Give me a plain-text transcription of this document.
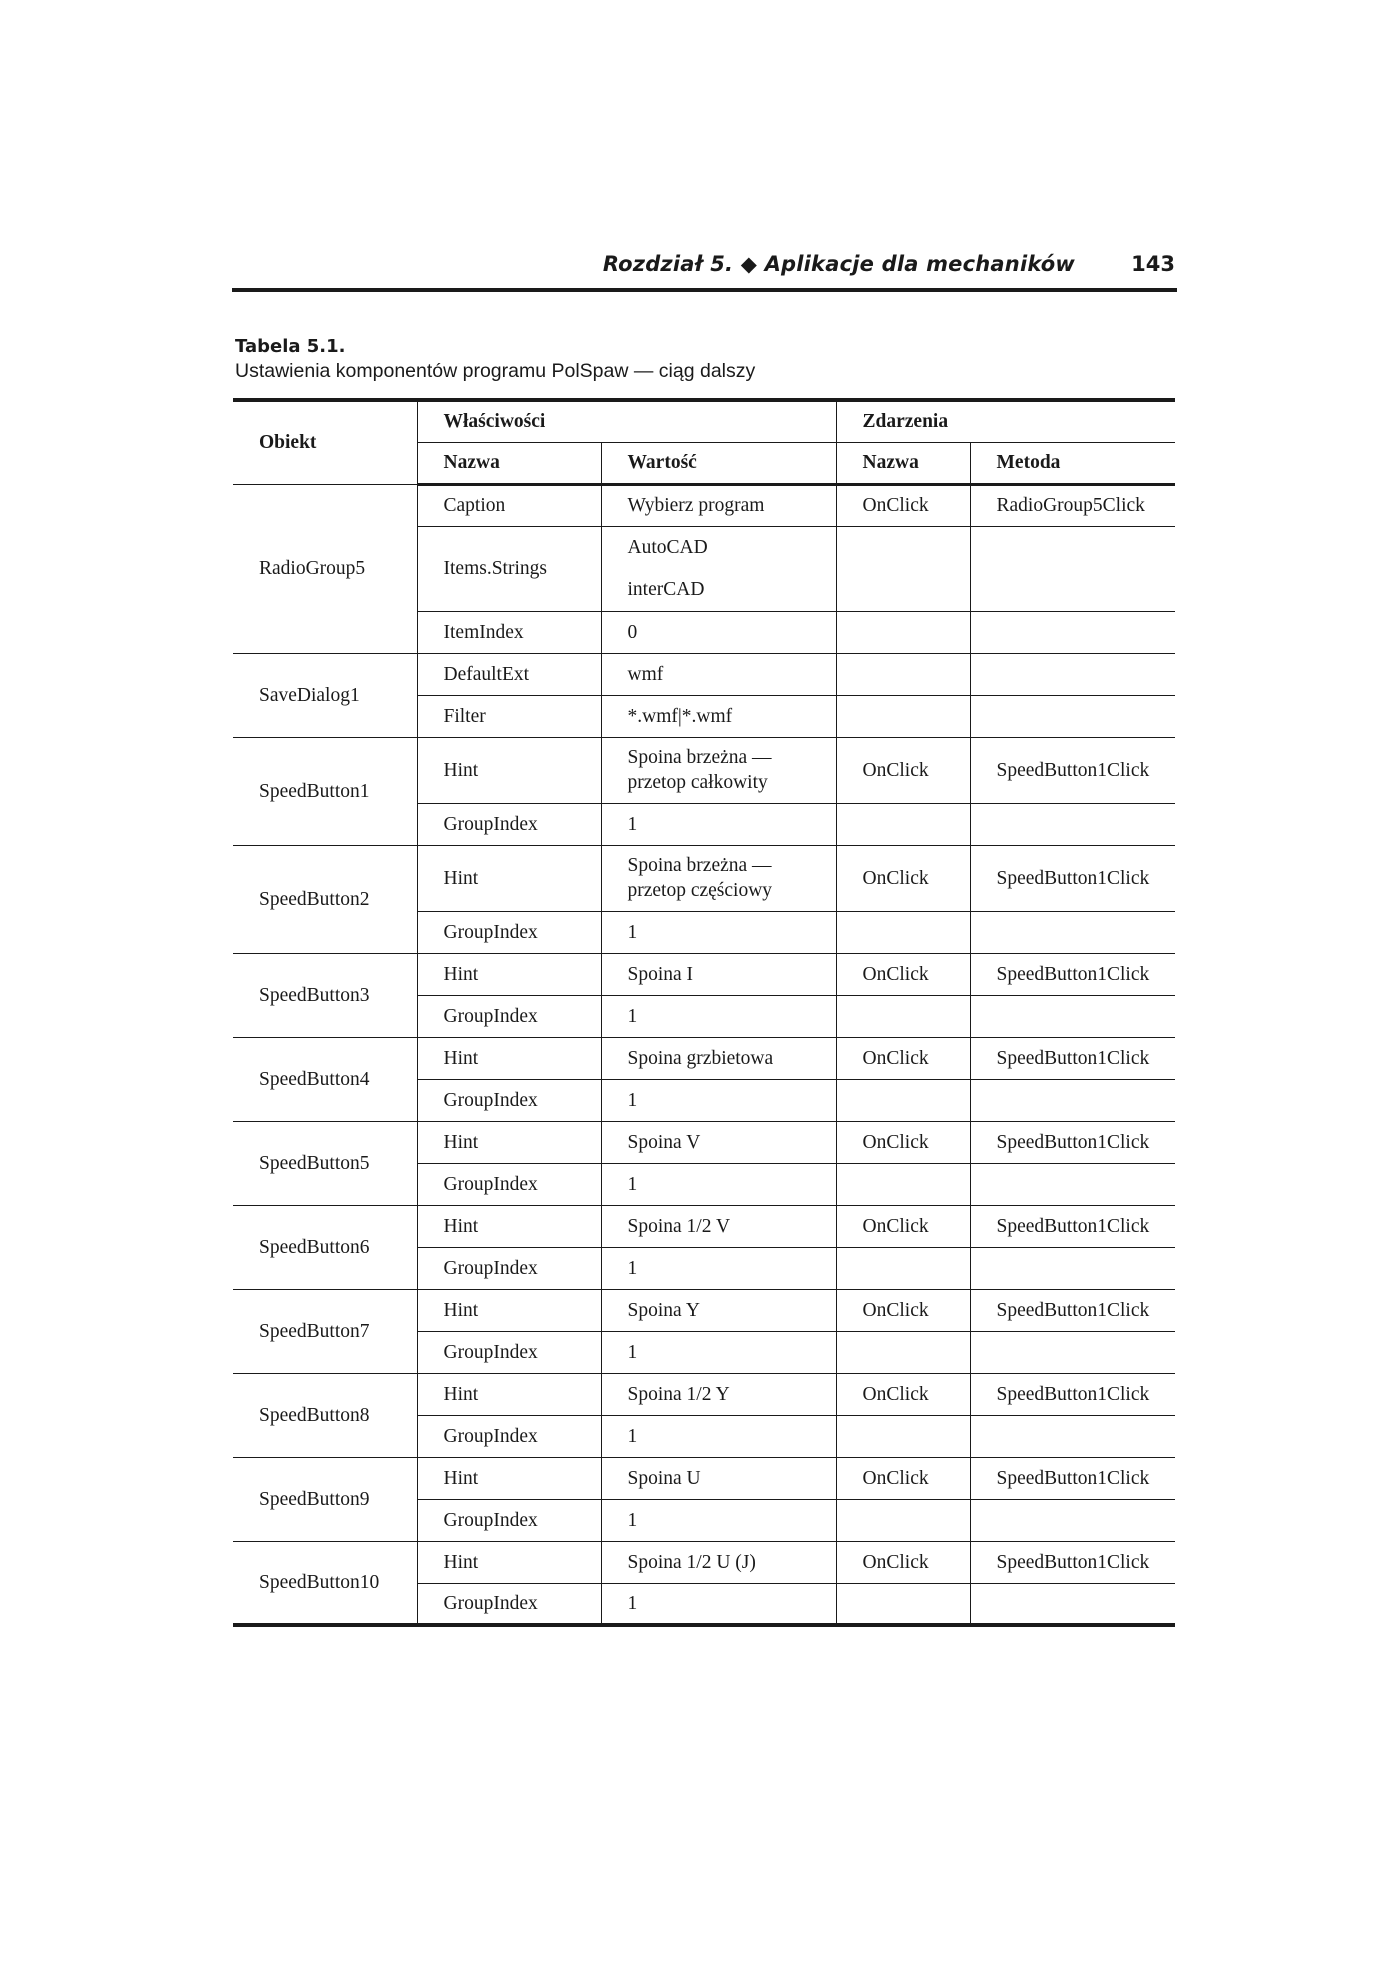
Rozdział 5. ◆ Aplikacje dla mechaników	143
Tabela 5.1.
Ustawienia komponentów programu PolSpaw — ciąg dalszy
Obiekt	Właściwości		Zdarzenia	
	Nazwa	Wartość	Nazwa	Metoda
RadioGroup5	Caption	Wybierz program	OnClick	RadioGroup5Click
	Items.Strings	AutoCAD
interCAD		

	ItemIndex	0		
SaveDialog1	DefaultExt	wmf		
	Filter	*.wmf|*.wmf		
SpeedButton1	Hint	Spoina brzeżna — przetop całkowity	OnClick	SpeedButton1Click
	GroupIndex	1		
SpeedButton2	Hint	Spoina brzeżna — przetop częściowy	OnClick	SpeedButton1Click
	GroupIndex	1		
SpeedButton3	Hint	Spoina I	OnClick	SpeedButton1Click
	GroupIndex	1		
SpeedButton4	Hint	Spoina grzbietowa	OnClick	SpeedButton1Click
	GroupIndex	1		
SpeedButton5	Hint	Spoina V	OnClick	SpeedButton1Click
	GroupIndex	1		
SpeedButton6	Hint	Spoina 1/2 V	OnClick	SpeedButton1Click
	GroupIndex	1		
SpeedButton7	Hint	Spoina Y	OnClick	SpeedButton1Click
	GroupIndex	1		
SpeedButton8	Hint	Spoina 1/2 Y	OnClick	SpeedButton1Click
	GroupIndex	1		
SpeedButton9	Hint	Spoina U	OnClick	SpeedButton1Click
	GroupIndex	1		
SpeedButton10	Hint	Spoina 1/2 U (J)	OnClick	SpeedButton1Click
	GroupIndex	1		
